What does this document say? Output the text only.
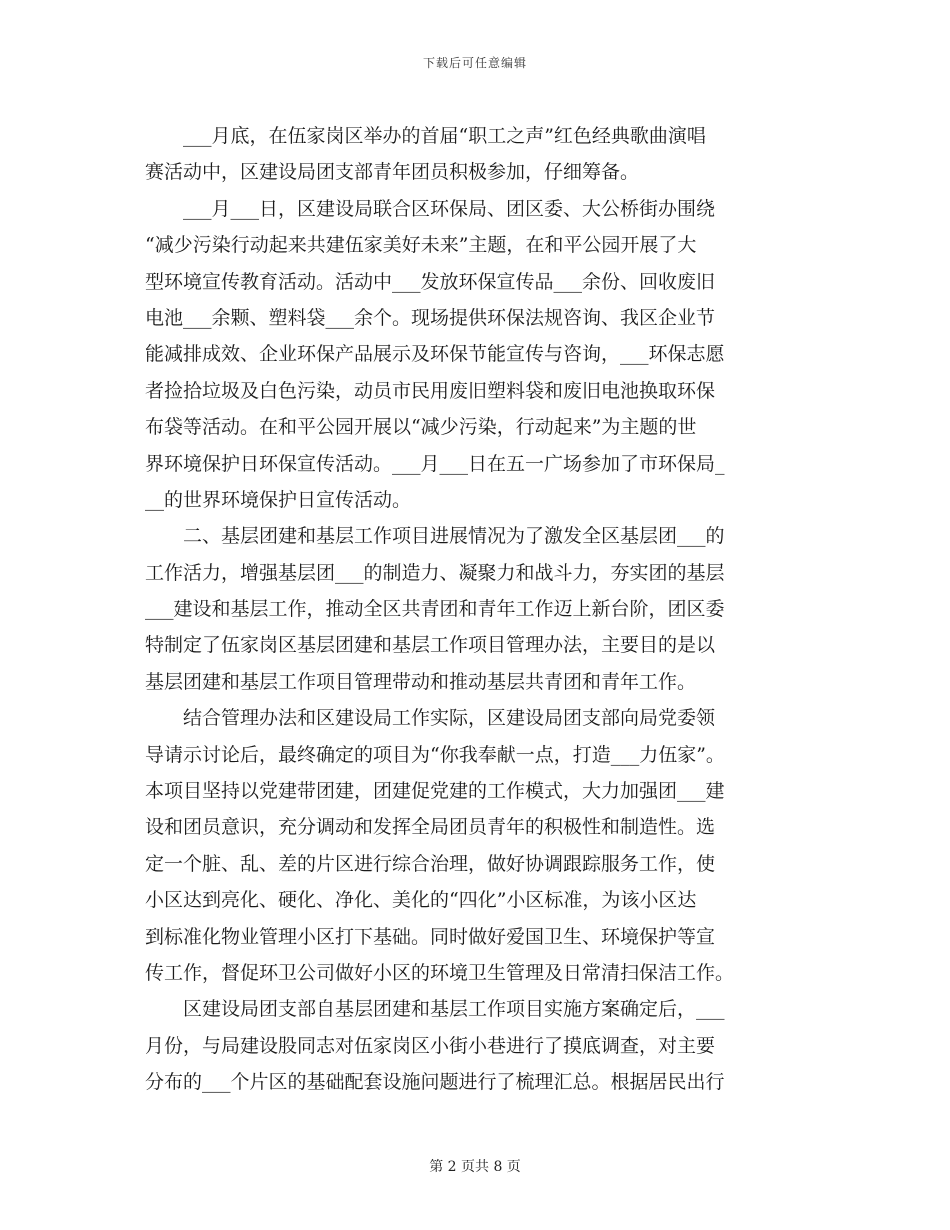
下载后可任意编辑
　　___月底，在伍家岗区举办的首届“职工之声”红色经典歌曲演唱
赛活动中，区建设局团支部青年团员积极参加，仔细筹备。
　　___月___日，区建设局联合区环保局、团区委、大公桥街办围绕
“减少污染行动起来共建伍家美好未来”主题，在和平公园开展了大
型环境宣传教育活动。活动中___发放环保宣传品___余份、回收废旧
电池___余颗、塑料袋___余个。现场提供环保法规咨询、我区企业节
能减排成效、企业环保产品展示及环保节能宣传与咨询，___环保志愿
者捡拾垃圾及白色污染，动员市民用废旧塑料袋和废旧电池换取环保
布袋等活动。在和平公园开展以“减少污染，行动起来”为主题的世
界环境保护日环保宣传活动。___月___日在五一广场参加了市环保局_
__的世界环境保护日宣传活动。
　　二、基层团建和基层工作项目进展情况为了激发全区基层团___的
工作活力，增强基层团___的制造力、凝聚力和战斗力，夯实团的基层
___建设和基层工作，推动全区共青团和青年工作迈上新台阶，团区委
特制定了伍家岗区基层团建和基层工作项目管理办法，主要目的是以
基层团建和基层工作项目管理带动和推动基层共青团和青年工作。
　　结合管理办法和区建设局工作实际，区建设局团支部向局党委领
导请示讨论后，最终确定的项目为“你我奉献一点，打造___力伍家”。
本项目坚持以党建带团建，团建促党建的工作模式，大力加强团___建
设和团员意识，充分调动和发挥全局团员青年的积极性和制造性。选
定一个脏、乱、差的片区进行综合治理，做好协调跟踪服务工作，使
小区达到亮化、硬化、净化、美化的“四化”小区标准，为该小区达
到标准化物业管理小区打下基础。同时做好爱国卫生、环境保护等宣
传工作，督促环卫公司做好小区的环境卫生管理及日常清扫保洁工作。
　　区建设局团支部自基层团建和基层工作项目实施方案确定后，___
月份，与局建设股同志对伍家岗区小街小巷进行了摸底调查，对主要
分布的___个片区的基础配套设施问题进行了梳理汇总。根据居民出行
第 2 页共 8 页
